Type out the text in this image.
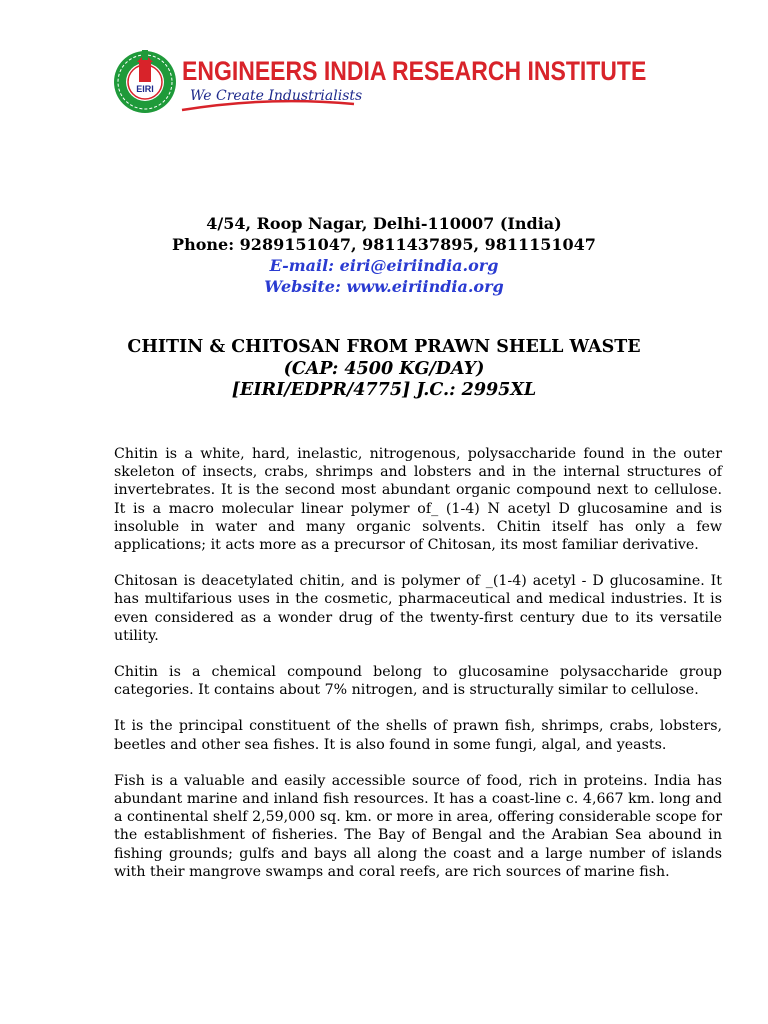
EIRI
ENGINEERS INDIA RESEARCH INSTITUTE
We Create Industrialists
4/54, Roop Nagar, Delhi-110007 (India)
Phone: 9289151047, 9811437895, 9811151047
E-mail: eiri@eiriindia.org
Website: www.eiriindia.org
CHITIN & CHITOSAN FROM PRAWN SHELL WASTE
(CAP: 4500 KG/DAY)
[EIRI/EDPR/4775] J.C.: 2995XL

Chitin is a white, hard, inelastic, nitrogenous, polysaccharide found in the outer skeleton of insects, crabs, shrimps and lobsters and in the internal structures of invertebrates. It is the second most abundant organic compound next to cellulose. It is a macro molecular linear polymer of_ (1-4) N acetyl D glucosamine and is insoluble in water and many organic solvents. Chitin itself has only a few applications; it acts more as a precursor of Chitosan, its most familiar derivative.

Chitosan is deacetylated chitin, and is polymer of _(1-4) acetyl - D glucosamine. It has multifarious uses in the cosmetic, pharmaceutical and medical industries. It is even considered as a wonder drug of the twenty-first century due to its versatile utility.

Chitin is a chemical compound belong to glucosamine polysaccharide group categories. It contains about 7% nitrogen, and is structurally similar to cellulose.

It is the principal constituent of the shells of prawn fish, shrimps, crabs, lobsters, beetles and other sea fishes. It is also found in some fungi, algal, and yeasts.

Fish is a valuable and easily accessible source of food, rich in proteins. India has abundant marine and inland fish resources. It has a coast-line c. 4,667 km. long and a continental shelf 2,59,000 sq. km. or more in area, offering considerable scope for the establishment of fisheries. The Bay of Bengal and the Arabian Sea abound in fishing grounds; gulfs and bays all along the coast and a large number of islands with their mangrove swamps and coral reefs, are rich sources of marine fish.
